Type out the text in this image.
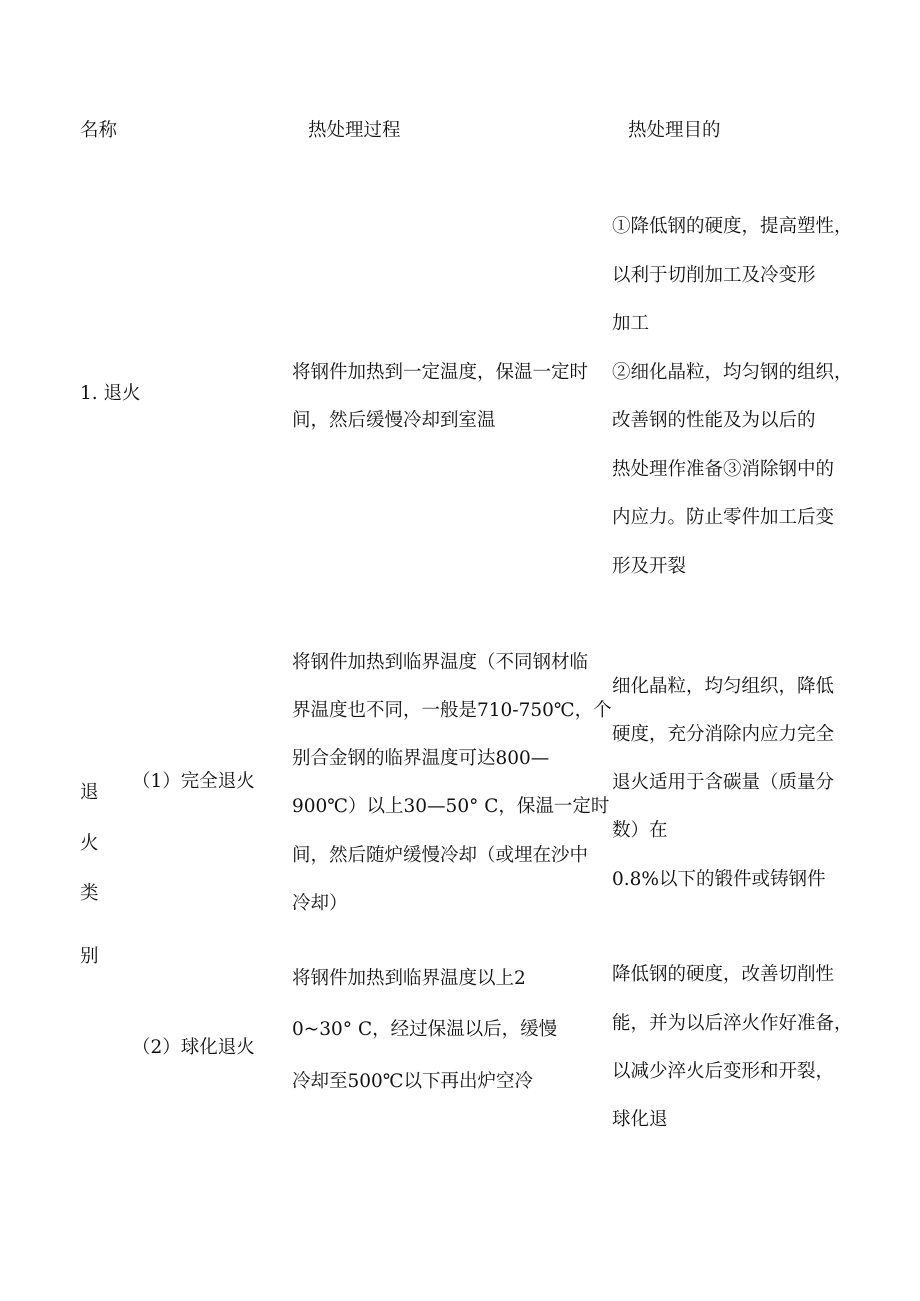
名称	热处理过程	热处理目的
1. 退火
将钢件加热到一定温度，保温一定时
间，然后缓慢冷却到室温
①降低钢的硬度，提高塑性，
以利于切削加工及冷变形
加工
②细化晶粒，均匀钢的组织，
改善钢的性能及为以后的
热处理作准备③消除钢中的
内应力。防止零件加工后变
形及开裂
退
火
类
别
（1）完全退火
将钢件加热到临界温度（不同钢材临
界温度也不同，一般是710-750℃，个
别合金钢的临界温度可达800—
900℃）以上30—50° C，保温一定时
间，然后随炉缓慢冷却（或埋在沙中
冷却）
细化晶粒，均匀组织，降低
硬度，充分消除内应力完全
退火适用于含碳量（质量分
数）在
0.8%以下的锻件或铸钢件
（2）球化退火
将钢件加热到临界温度以上2
0~30° C，经过保温以后，缓慢
冷却至500℃以下再出炉空冷
降低钢的硬度，改善切削性
能，并为以后淬火作好准备，
以减少淬火后变形和开裂，
球化退
